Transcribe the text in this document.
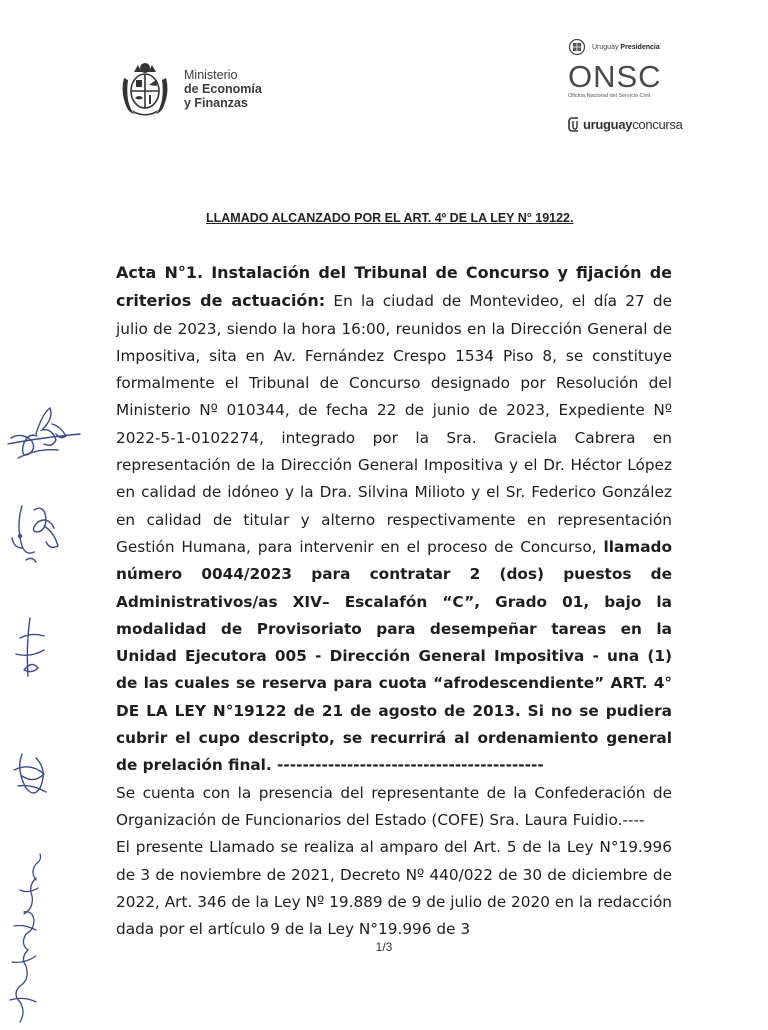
Ministerio
de Economía
y Finanzas
Uruguay Presidencia
ONSC
Oficina Nacional del Servicio Civil
uruguayconcursa
LLAMADO ALCANZADO POR EL ART. 4º DE LA LEY N° 19122.

Acta N°1. Instalación del Tribunal de Concurso y fijación de criterios de actuación: En la ciudad de Montevideo, el día 27 de julio de 2023, siendo la hora 16:00, reunidos en la Dirección General de Impositiva, sita en Av. Fernández Crespo 1534 Piso 8, se constituye formalmente el Tribunal de Concurso designado por Resolución del Ministerio Nº 010344, de fecha 22 de junio de 2023, Expediente Nº 2022-5-1-0102274, integrado por la Sra. Graciela Cabrera en representación de la Dirección General Impositiva y el Dr. Héctor López en calidad de idóneo y la Dra. Silvina Milioto y el Sr. Federico González en calidad de titular y alterno respectivamente en representación Gestión Humana, para intervenir en el proceso de Concurso, llamado número 0044/2023 para contratar 2 (dos) puestos de Administrativos/as XIV– Escalafón “C”, Grado 01, bajo la modalidad de Provisoriato para desempeñar tareas en la Unidad Ejecutora 005 - Dirección General Impositiva - una (1) de las cuales se reserva para cuota “afrodescendiente” ART. 4° DE LA LEY N°19122 de 21 de agosto de 2013. Si no se pudiera cubrir el cupo descripto, se recurrirá al ordenamiento general de prelación final. ------------------------------------------

Se cuenta con la presencia del representante de la Confederación de Organización de Funcionarios del Estado (COFE) Sra. Laura Fuidio.----

El presente Llamado se realiza al amparo del Art. 5 de la Ley N°19.996 de 3 de noviembre de 2021, Decreto Nº 440/022 de 30 de diciembre de 2022, Art. 346 de la Ley Nº 19.889 de 9 de julio de 2020 en la redacción dada por el artículo 9 de la Ley N°19.996 de 3

1/3
